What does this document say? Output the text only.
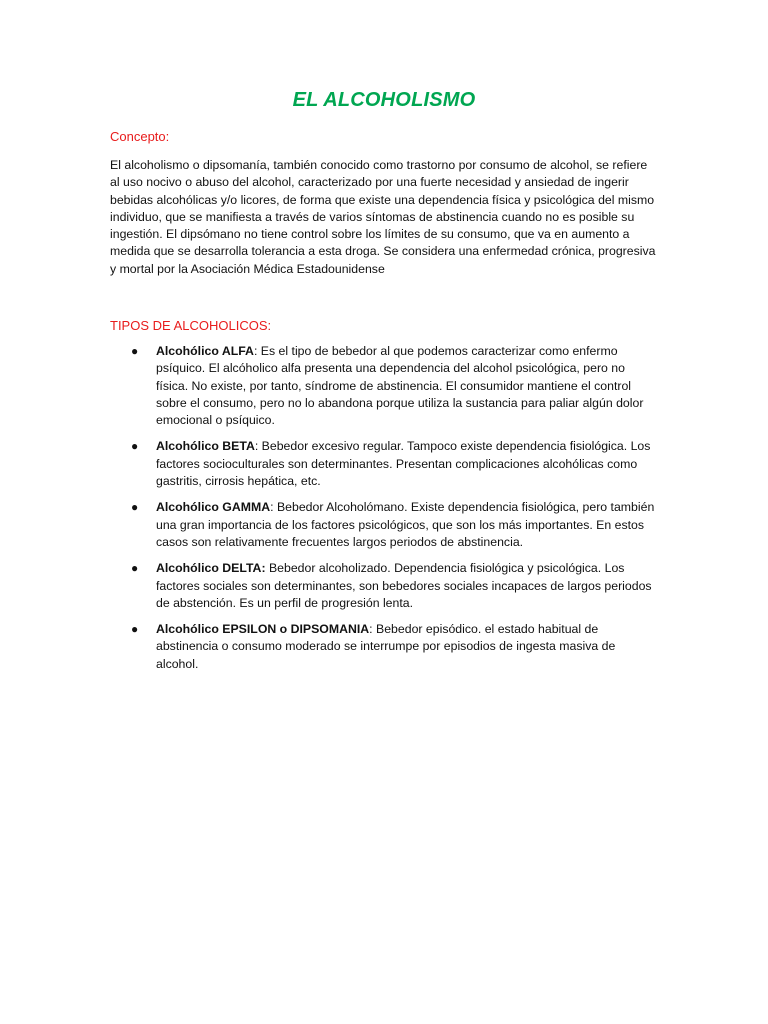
EL ALCOHOLISMO
Concepto:
El alcoholismo o dipsomanía, también conocido como trastorno por consumo de alcohol, se refiere al uso nocivo o abuso del alcohol, caracterizado por una fuerte necesidad y ansiedad de ingerir bebidas alcohólicas y/o licores, de forma que existe una dependencia física y psicológica del mismo individuo, que se manifiesta a través de varios síntomas de abstinencia cuando no es posible su ingestión. El dipsómano no tiene control sobre los límites de su consumo, que va en aumento a medida que se desarrolla tolerancia a esta droga. Se considera una enfermedad crónica, progresiva y mortal por la Asociación Médica Estadounidense
TIPOS DE ALCOHOLICOS:
● Alcohólico ALFA: Es el tipo de bebedor al que podemos caracterizar como enfermo psíquico. El alcóholico alfa presenta una dependencia del alcohol psicológica, pero no física. No existe, por tanto, síndrome de abstinencia. El consumidor mantiene el control sobre el consumo, pero no lo abandona porque utiliza la sustancia para paliar algún dolor emocional o psíquico.
● Alcohólico BETA: Bebedor excesivo regular. Tampoco existe dependencia fisiológica. Los factores socioculturales son determinantes. Presentan complicaciones alcohólicas como gastritis, cirrosis hepática, etc.
● Alcohólico GAMMA: Bebedor Alcoholómano. Existe dependencia fisiológica, pero también una gran importancia de los factores psicológicos, que son los más importantes. En estos casos son relativamente frecuentes largos periodos de abstinencia.
● Alcohólico DELTA: Bebedor alcoholizado. Dependencia fisiológica y psicológica. Los factores sociales son determinantes, son bebedores sociales incapaces de largos periodos de abstención. Es un perfil de progresión lenta.
● Alcohólico EPSILON o DIPSOMANIA: Bebedor episódico. el estado habitual de abstinencia o consumo moderado se interrumpe por episodios de ingesta masiva de alcohol.
